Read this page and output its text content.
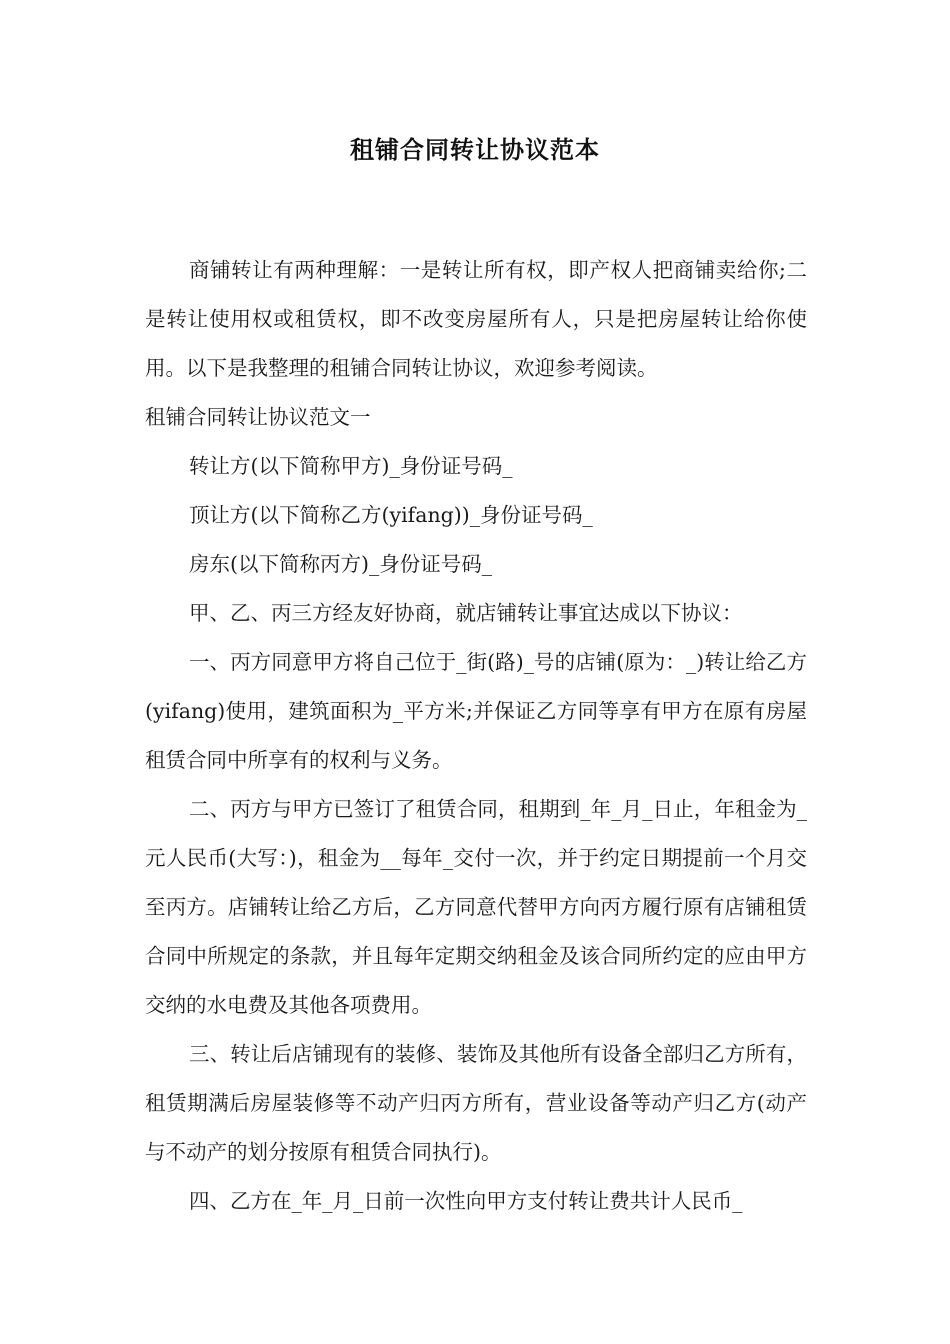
租铺合同转让协议范本

商铺转让有两种理解：一是转让所有权，即产权人把商铺卖给你;二是转让使用权或租赁权，即不改变房屋所有人，只是把房屋转让给你使用。以下是我整理的租铺合同转让协议，欢迎参考阅读。

租铺合同转让协议范文一

转让方(以下简称甲方)_身份证号码_

顶让方(以下简称乙方(yifang))_身份证号码_

房东(以下简称丙方)_身份证号码_

甲、乙、丙三方经友好协商，就店铺转让事宜达成以下协议：

一、丙方同意甲方将自己位于_街(路)_号的店铺(原为：_)转让给乙方(yifang)使用，建筑面积为_平方米;并保证乙方同等享有甲方在原有房屋租赁合同中所享有的权利与义务。

二、丙方与甲方已签订了租赁合同，租期到_年_月_日止，年租金为_元人民币(大写：)，租金为__每年_交付一次，并于约定日期提前一个月交至丙方。店铺转让给乙方后，乙方同意代替甲方向丙方履行原有店铺租赁合同中所规定的条款，并且每年定期交纳租金及该合同所约定的应由甲方交纳的水电费及其他各项费用。

三、转让后店铺现有的装修、装饰及其他所有设备全部归乙方所有，租赁期满后房屋装修等不动产归丙方所有，营业设备等动产归乙方(动产与不动产的划分按原有租赁合同执行)。

四、乙方在_年_月_日前一次性向甲方支付转让费共计人民币_
